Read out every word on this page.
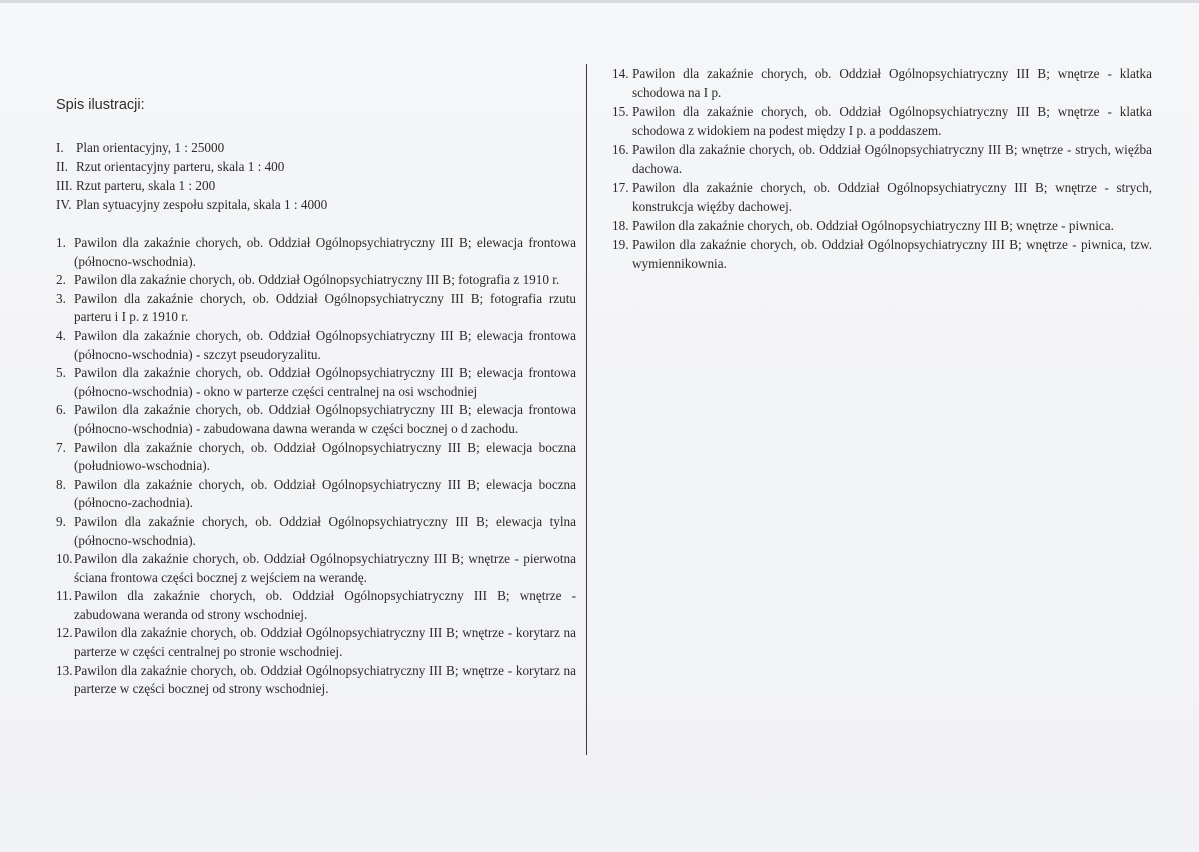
Spis ilustracji:
I. Plan orientacyjny, 1 : 25000
II. Rzut orientacyjny parteru, skala 1 : 400
III. Rzut parteru, skala 1 : 200
IV. Plan sytuacyjny zespołu szpitala, skala 1 : 4000
1. Pawilon dla zakaźnie chorych, ob. Oddział Ogólnopsychiatryczny III B; elewacja frontowa (północno-wschodnia).
2. Pawilon dla zakaźnie chorych, ob. Oddział Ogólnopsychiatryczny III B; fotografia z 1910 r.
3. Pawilon dla zakaźnie chorych, ob. Oddział Ogólnopsychiatryczny III B; fotografia rzutu parteru i I p. z 1910 r.
4. Pawilon dla zakaźnie chorych, ob. Oddział Ogólnopsychiatryczny III B; elewacja frontowa (północno-wschodnia) - szczyt pseudoryzalitu.
5. Pawilon dla zakaźnie chorych, ob. Oddział Ogólnopsychiatryczny III B; elewacja frontowa (północno-wschodnia) - okno w parterze części centralnej na osi wschodniej
6. Pawilon dla zakaźnie chorych, ob. Oddział Ogólnopsychiatryczny III B; elewacja frontowa (północno-wschodnia) - zabudowana dawna weranda w części bocznej o d zachodu.
7. Pawilon dla zakaźnie chorych, ob. Oddział Ogólnopsychiatryczny III B; elewacja boczna (południowo-wschodnia).
8. Pawilon dla zakaźnie chorych, ob. Oddział Ogólnopsychiatryczny III B; elewacja boczna (północno-zachodnia).
9. Pawilon dla zakaźnie chorych, ob. Oddział Ogólnopsychiatryczny III B; elewacja tylna (północno-wschodnia).
10. Pawilon dla zakaźnie chorych, ob. Oddział Ogólnopsychiatryczny III B; wnętrze - pierwotna ściana frontowa części bocznej z wejściem na werandę.
11. Pawilon dla zakaźnie chorych, ob. Oddział Ogólnopsychiatryczny III B; wnętrze - zabudowana weranda od strony wschodniej.
12. Pawilon dla zakaźnie chorych, ob. Oddział Ogólnopsychiatryczny III B; wnętrze - korytarz na parterze w części centralnej po stronie wschodniej.
13. Pawilon dla zakaźnie chorych, ob. Oddział Ogólnopsychiatryczny III B; wnętrze - korytarz na parterze w części bocznej od strony wschodniej.
14. Pawilon dla zakaźnie chorych, ob. Oddział Ogólnopsychiatryczny III B; wnętrze - klatka schodowa na I p.
15. Pawilon dla zakaźnie chorych, ob. Oddział Ogólnopsychiatryczny III B; wnętrze - klatka schodowa z widokiem na podest między I p. a poddaszem.
16. Pawilon dla zakaźnie chorych, ob. Oddział Ogólnopsychiatryczny III B; wnętrze - strych, więźba dachowa.
17. Pawilon dla zakaźnie chorych, ob. Oddział Ogólnopsychiatryczny III B; wnętrze - strych, konstrukcja więźby dachowej.
18. Pawilon dla zakaźnie chorych, ob. Oddział Ogólnopsychiatryczny III B; wnętrze - piwnica.
19. Pawilon dla zakaźnie chorych, ob. Oddział Ogólnopsychiatryczny III B; wnętrze - piwnica, tzw. wymiennikownia.
